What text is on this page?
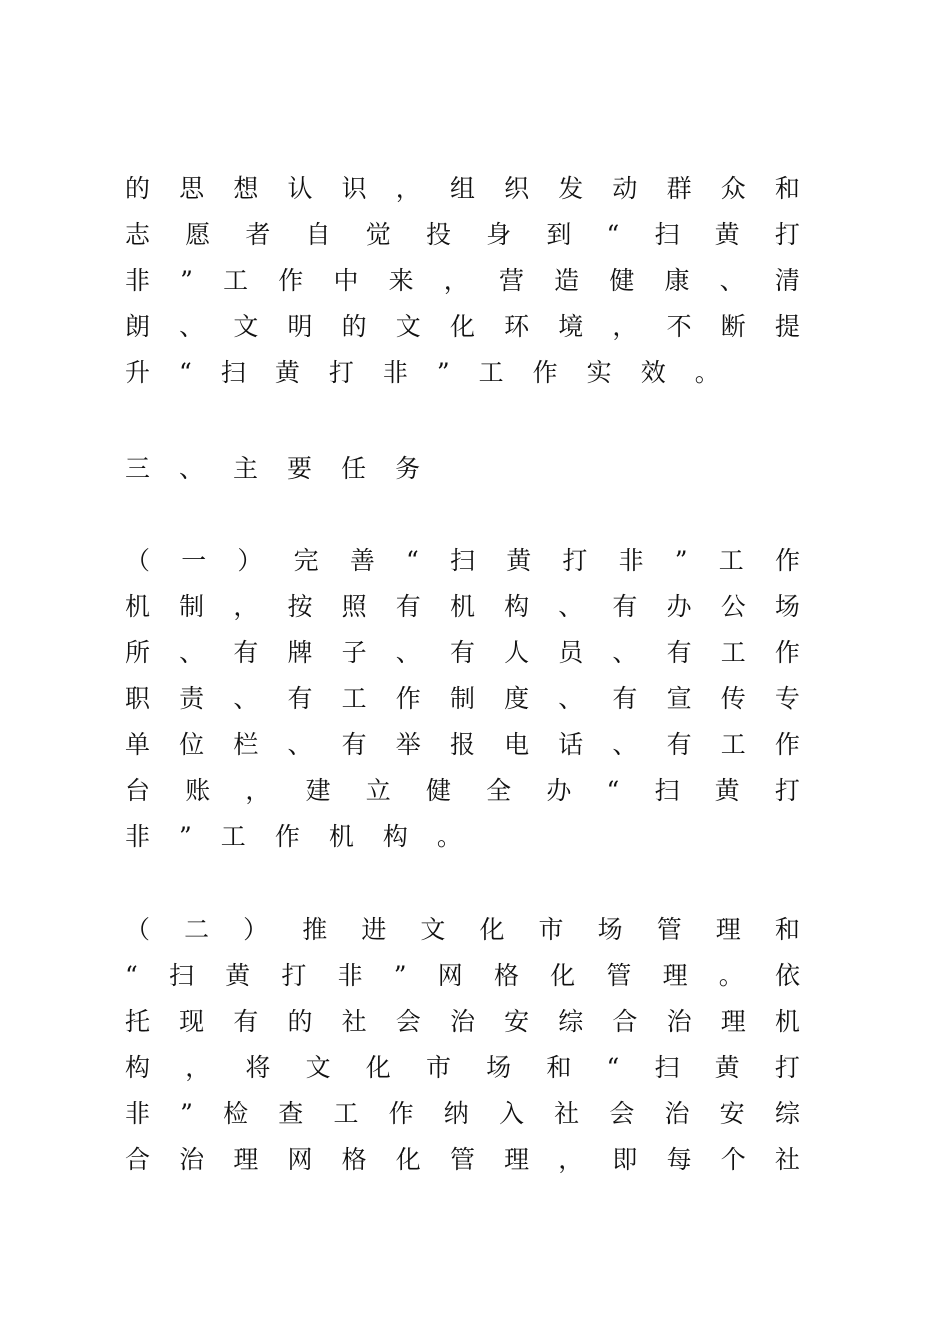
的 思 想 认 识 ， 组 织 发 动 群 众 和
志 愿 者 自 觉 投 身 到 “ 扫 黄 打
非 ” 工 作 中 来 ， 营 造 健 康 、 清
朗 、 文 明 的 文 化 环 境 ， 不 断 提
升 “ 扫 黄 打 非 ” 工 作 实 效 。
三 、 主 要 任 务
（ 一 ） 完 善 “ 扫 黄 打 非 ” 工 作
机 制 ， 按 照 有 机 构 、 有 办 公 场
所 、 有 牌 子 、 有 人 员 、 有 工 作
职 责 、 有 工 作 制 度 、 有 宣 传 专
单 位 栏 、 有 举 报 电 话 、 有 工 作
台 账 ， 建 立 健 全 办 “ 扫 黄 打
非 ” 工 作 机 构 。
（ 二 ） 推 进 文 化 市 场 管 理 和
“ 扫 黄 打 非 ” 网 格 化 管 理 。 依
托 现 有 的 社 会 治 安 综 合 治 理 机
构 ， 将 文 化 市 场 和 “ 扫 黄 打
非 ” 检 查 工 作 纳 入 社 会 治 安 综
合 治 理 网 格 化 管 理 ， 即 每 个 社
